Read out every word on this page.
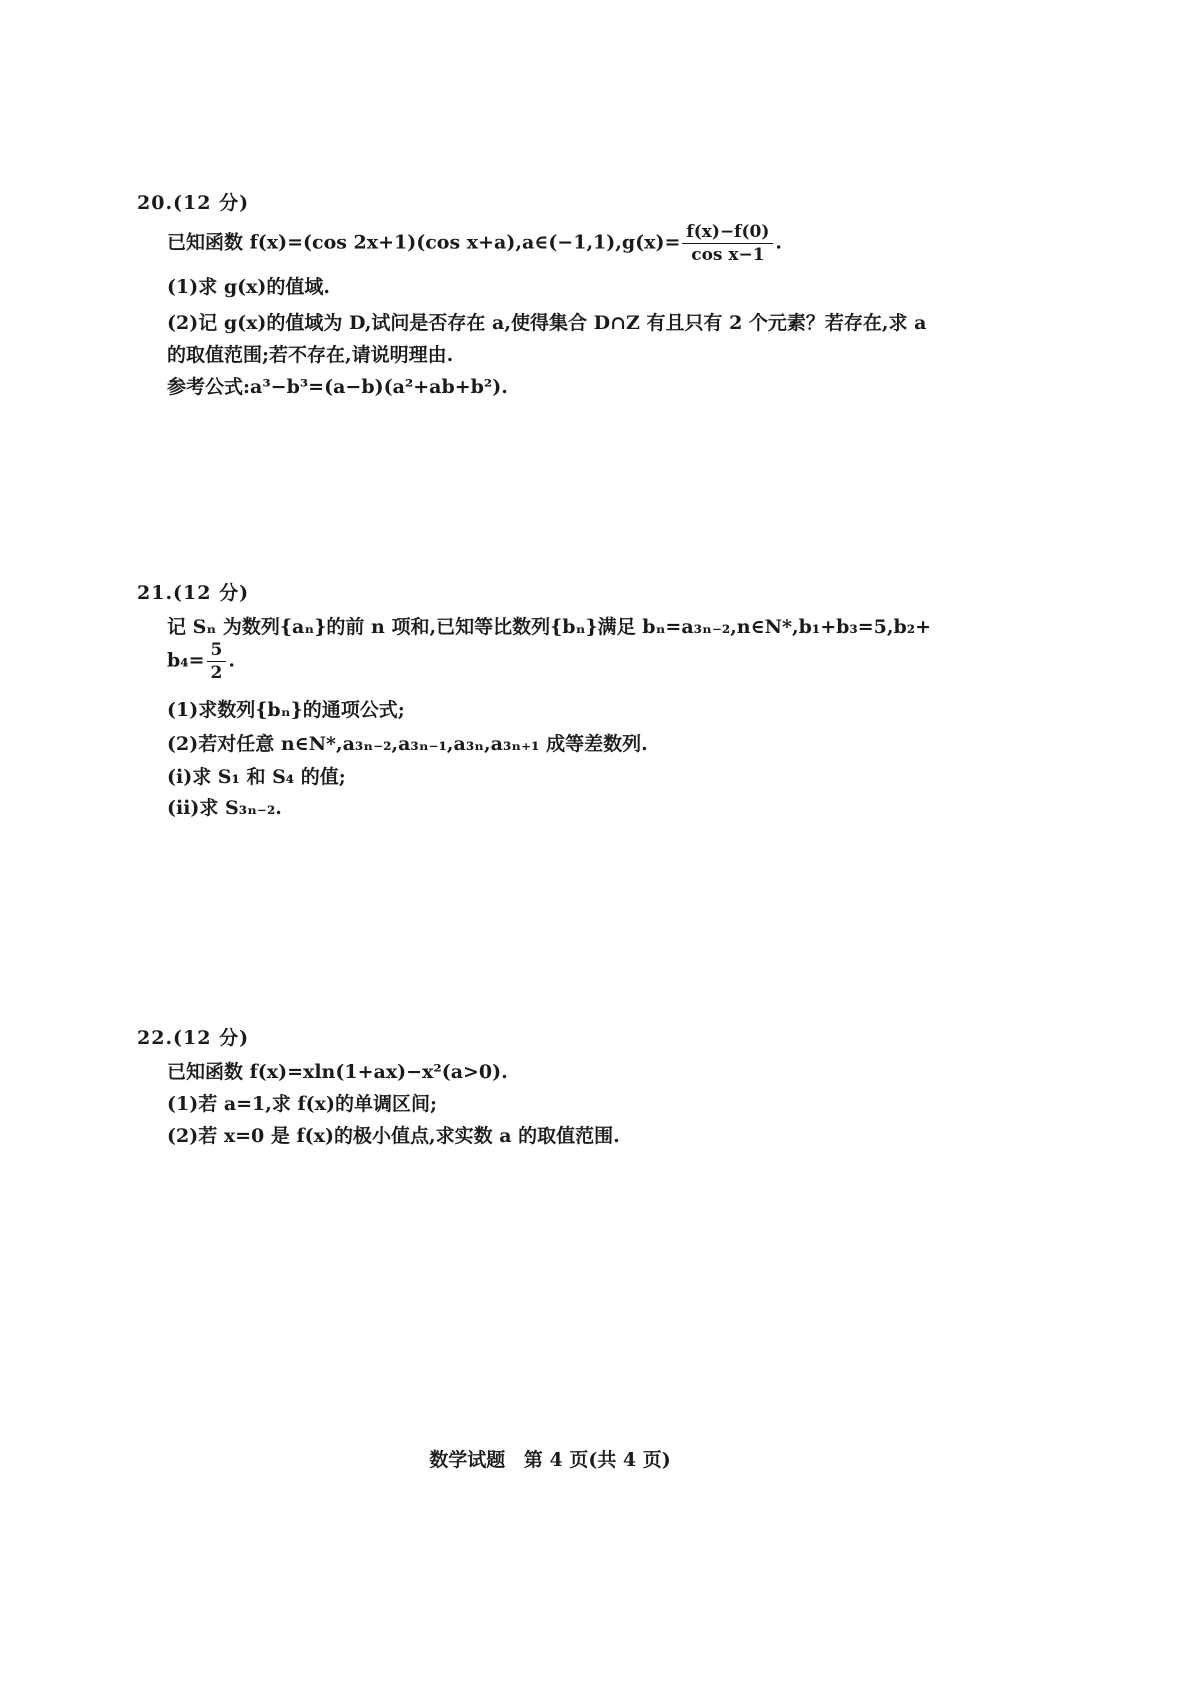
20.(12 分)
已知函数 f(x)=(cos 2x+1)(cos x+a),a∈(−1,1),g(x)= $\frac{f(x)-f(0)}{\text{cos x−1}}$ .
(1)求 g(x)的值域.
(2)记 g(x)的值域为 D,试问是否存在 a,使得集合 D∩Z 有且只有 2 个元素？若存在,求 a
的取值范围;若不存在,请说明理由.
参考公式:a³−b³=(a−b)(a²+ab+b²).
21.(12 分)
记 Sₙ 为数列{aₙ}的前 n 项和,已知等比数列{bₙ}满足 bₙ=a₃ₙ₋₂,n∈N*,b₁+b₃=5,b₂+
$b_4= \frac{5}{2}$ .
(1)求数列{bₙ}的通项公式;
(2)若对任意 n∈N*,a₃ₙ₋₂,a₃ₙ₋₁,a₃ₙ,a₃ₙ₊₁ 成等差数列.
(ⅰ)求 S₁ 和 S₄ 的值;
(ⅱ)求 S₃ₙ₋₂.
22.(12 分)
已知函数 f(x)=xln(1+ax)−x²(a>0).
(1)若 a=1,求 f(x)的单调区间;
(2)若 x=0 是 f(x)的极小值点,求实数 a 的取值范围.
数学试题 第 4 页(共 4 页)
